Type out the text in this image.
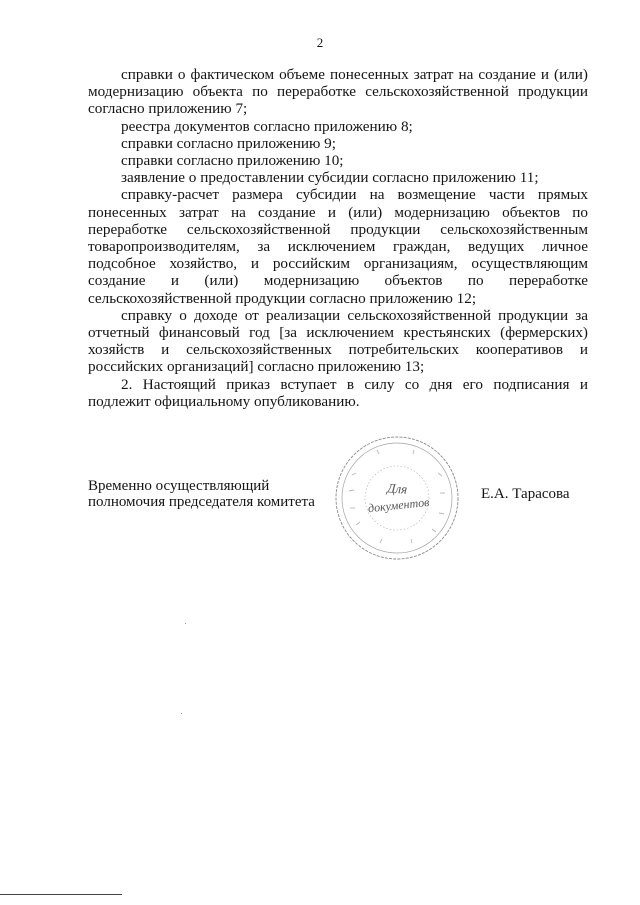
2

справки о фактическом объеме понесенных затрат на создание и (или) модернизацию объекта по переработке сельскохозяйственной продукции согласно приложению 7;

реестра документов согласно приложению 8;

справки согласно приложению 9;

справки согласно приложению 10;

заявление о предоставлении субсидии согласно приложению 11;

справку-расчет размера субсидии на возмещение части прямых понесенных затрат на создание и (или) модернизацию объектов по переработке сельскохозяйственной продукции сельскохозяйственным товаропроизводителям, за исключением граждан, ведущих личное подсобное хозяйство, и российским организациям, осуществляющим создание и (или) модернизацию объектов по переработке сельскохозяйственной продукции согласно приложению 12;

справку о доходе от реализации сельскохозяйственной продукции за отчетный финансовый год [за исключением крестьянских (фермерских) хозяйств и сельскохозяйственных потребительских кооперативов и российских организаций] согласно приложению 13;

2. Настоящий приказ вступает в силу со дня его подписания и подлежит официальному опубликованию.

Временно осуществляющий
полномочия председателя комитета
Для
документов
Е.А. Тарасова
